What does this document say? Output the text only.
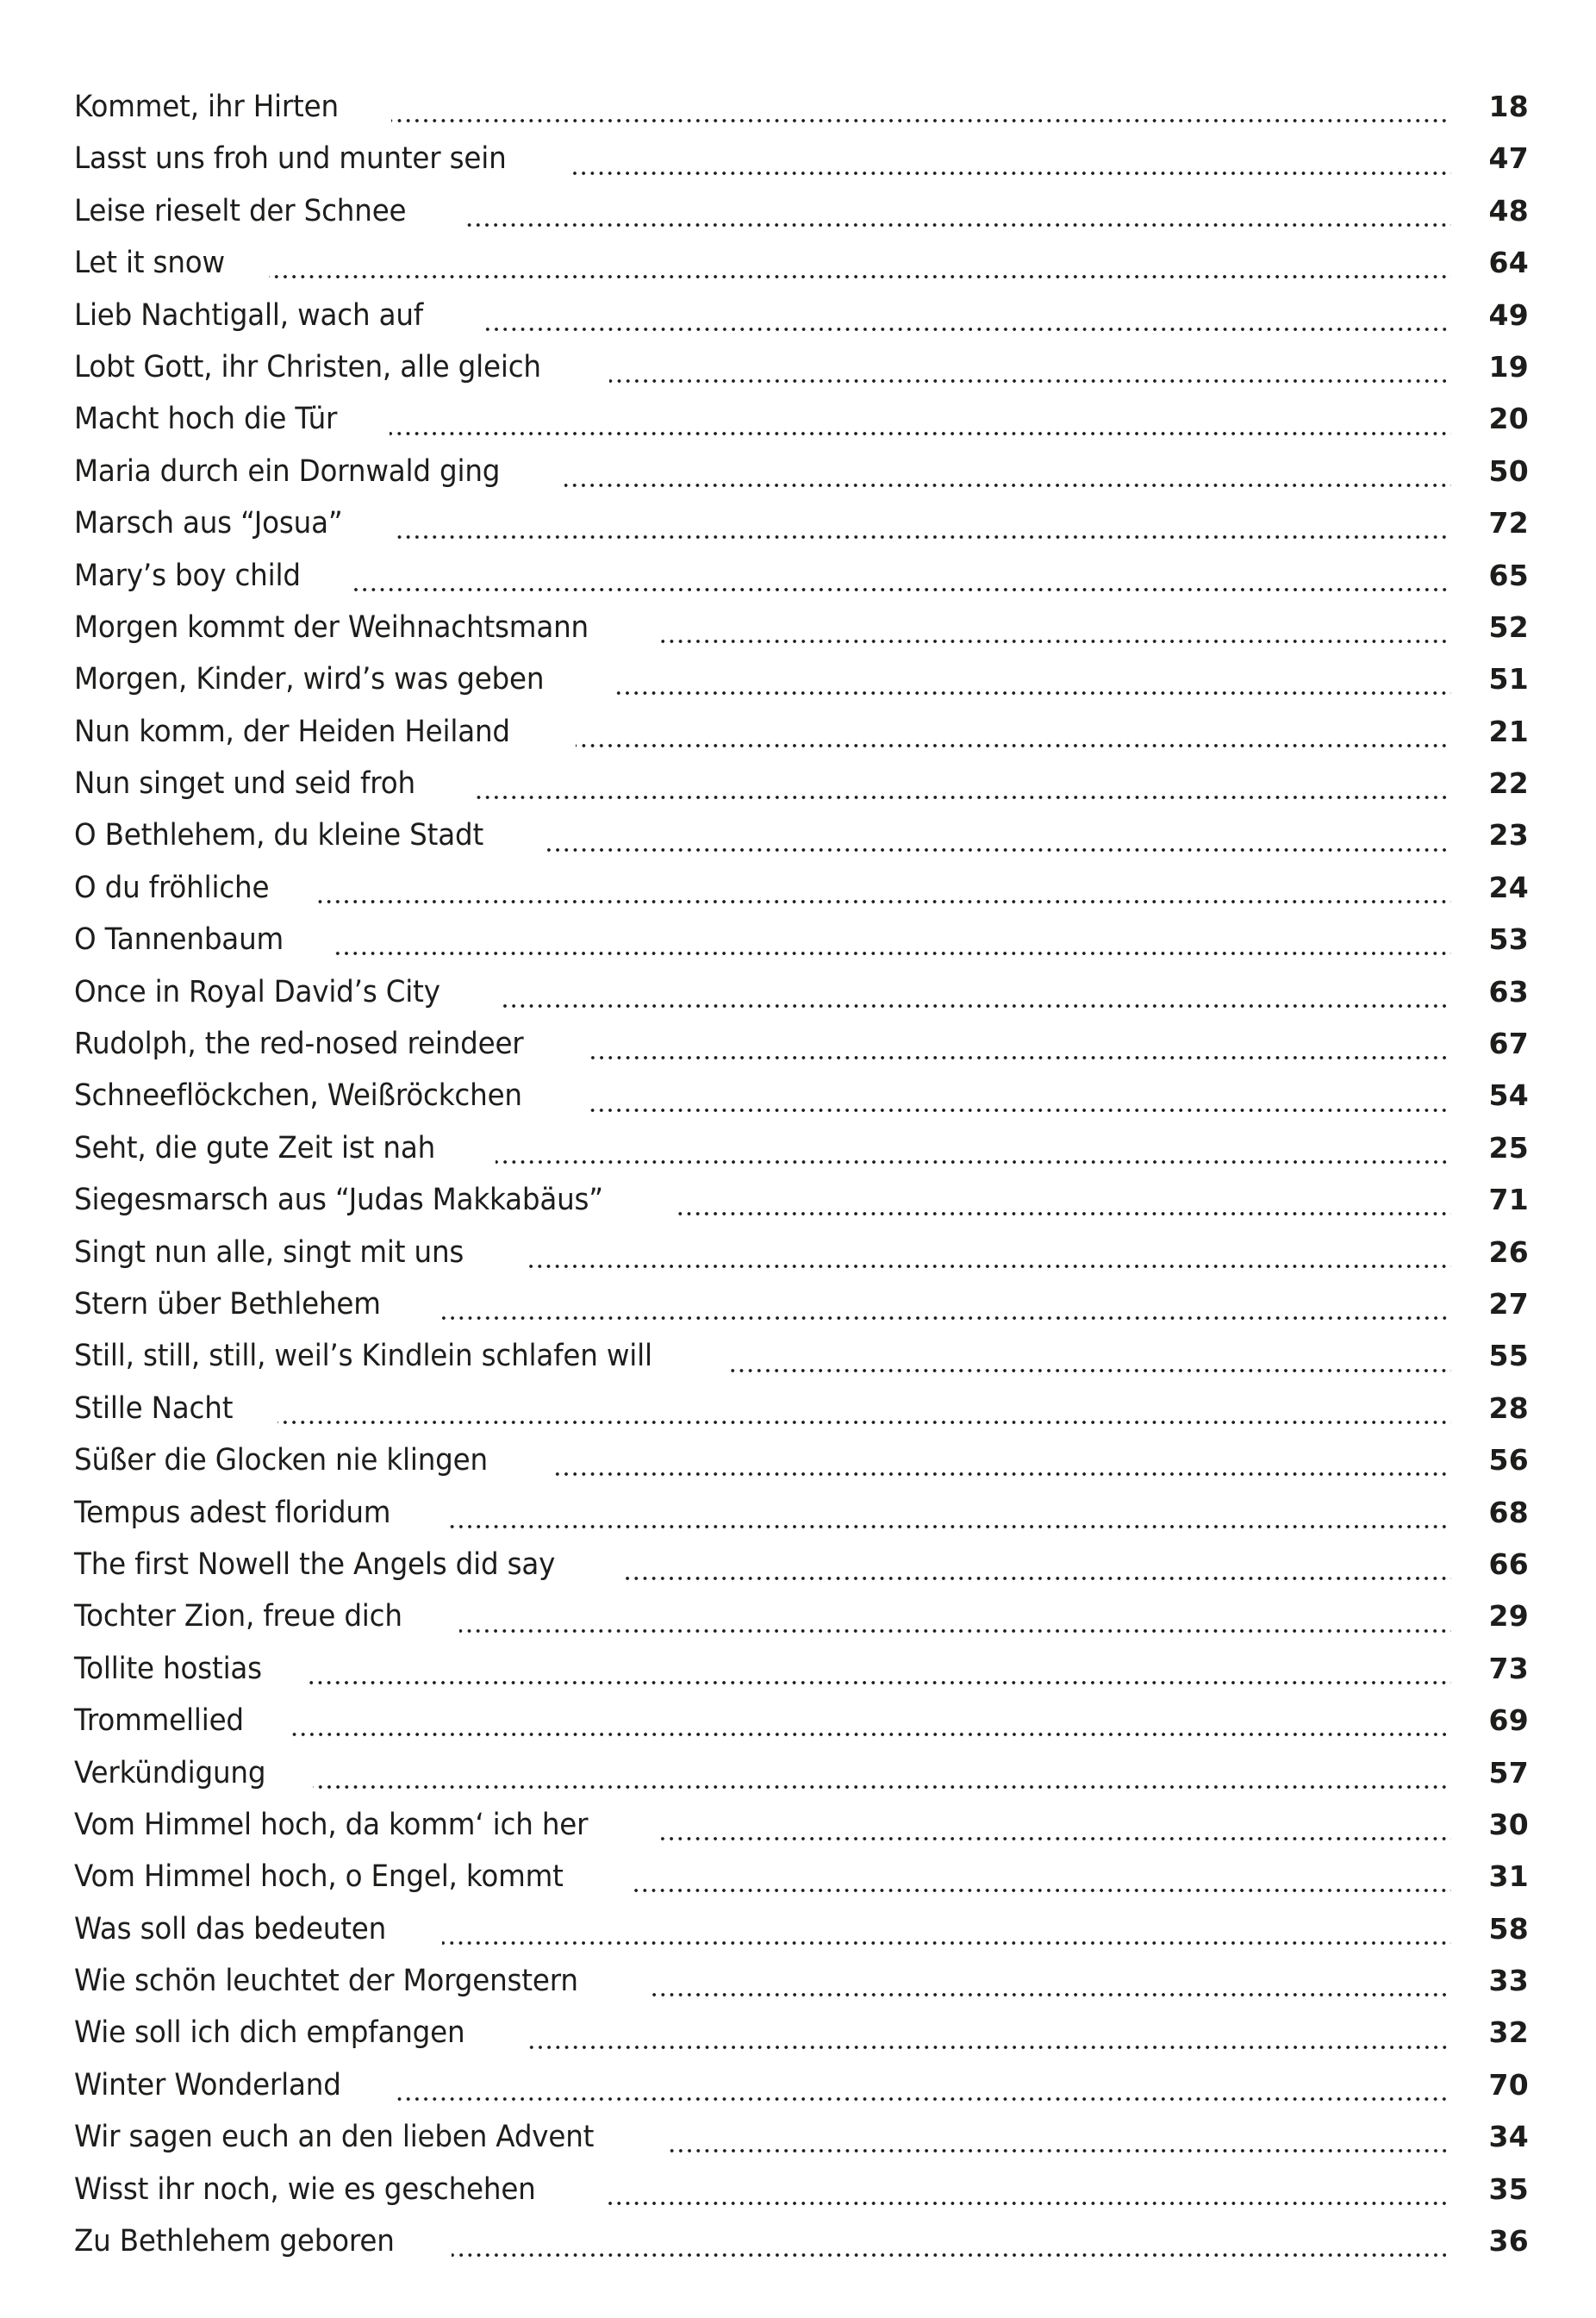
Kommet, ihr Hirten	18
Lasst uns froh und munter sein	47
Leise rieselt der Schnee	48
Let it snow	64
Lieb Nachtigall, wach auf	49
Lobt Gott, ihr Christen, alle gleich	19
Macht hoch die Tür	20
Maria durch ein Dornwald ging	50
Marsch aus “Josua”	72
Mary’s boy child	65
Morgen kommt der Weihnachtsmann	52
Morgen, Kinder, wird’s was geben	51
Nun komm, der Heiden Heiland	21
Nun singet und seid froh	22
O Bethlehem, du kleine Stadt	23
O du fröhliche	24
O Tannenbaum	53
Once in Royal David’s City	63
Rudolph, the red-nosed reindeer	67
Schneeflöckchen, Weißröckchen	54
Seht, die gute Zeit ist nah	25
Siegesmarsch aus “Judas Makkabäus”	71
Singt nun alle, singt mit uns	26
Stern über Bethlehem	27
Still, still, still, weil’s Kindlein schlafen will	55
Stille Nacht	28
Süßer die Glocken nie klingen	56
Tempus adest floridum	68
The first Nowell the Angels did say	66
Tochter Zion, freue dich	29
Tollite hostias	73
Trommellied	69
Verkündigung	57
Vom Himmel hoch, da komm‘ ich her	30
Vom Himmel hoch, o Engel, kommt	31
Was soll das bedeuten	58
Wie schön leuchtet der Morgenstern	33
Wie soll ich dich empfangen	32
Winter Wonderland	70
Wir sagen euch an den lieben Advent	34
Wisst ihr noch, wie es geschehen	35
Zu Bethlehem geboren	36
